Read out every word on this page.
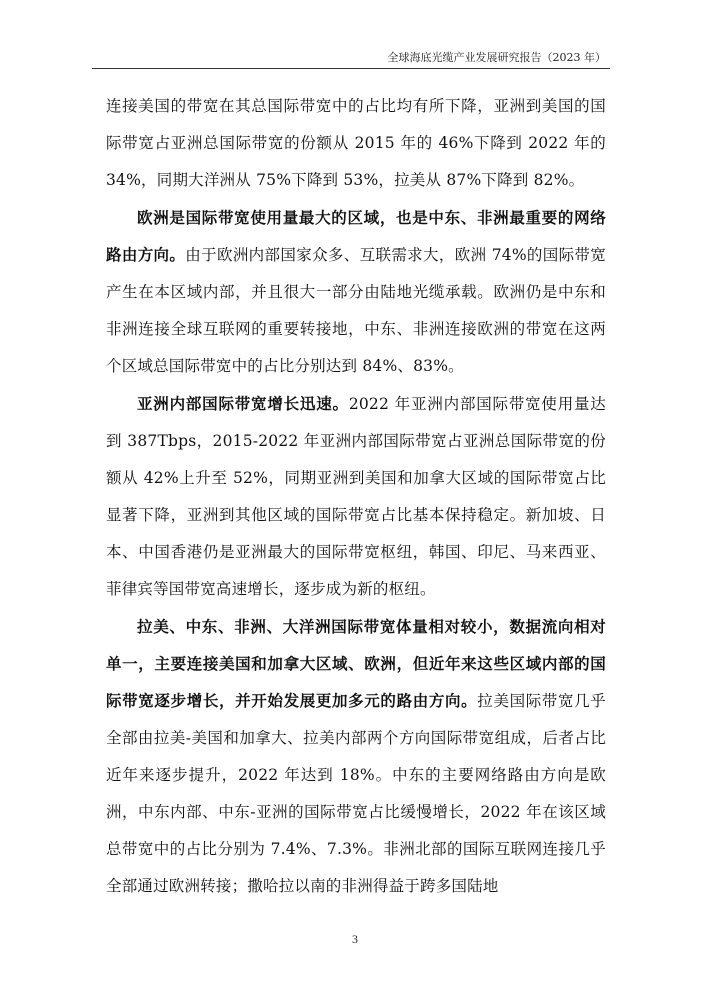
全球海底光缆产业发展研究报告（2023 年）

连接美国的带宽在其总国际带宽中的占比均有所下降，亚洲到美国的国际带宽占亚洲总国际带宽的份额从 2015 年的 46%下降到 2022 年的 34%，同期大洋洲从 75%下降到 53%，拉美从 87%下降到 82%。

欧洲是国际带宽使用量最大的区域，也是中东、非洲最重要的网络路由方向。由于欧洲内部国家众多、互联需求大，欧洲 74%的国际带宽产生在本区域内部，并且很大一部分由陆地光缆承载。欧洲仍是中东和非洲连接全球互联网的重要转接地，中东、非洲连接欧洲的带宽在这两个区域总国际带宽中的占比分别达到 84%、83%。

亚洲内部国际带宽增长迅速。2022 年亚洲内部国际带宽使用量达到 387Tbps，2015-2022 年亚洲内部国际带宽占亚洲总国际带宽的份额从 42%上升至 52%，同期亚洲到美国和加拿大区域的国际带宽占比显著下降，亚洲到其他区域的国际带宽占比基本保持稳定。新加坡、日本、中国香港仍是亚洲最大的国际带宽枢纽，韩国、印尼、马来西亚、菲律宾等国带宽高速增长，逐步成为新的枢纽。

拉美、中东、非洲、大洋洲国际带宽体量相对较小，数据流向相对单一，主要连接美国和加拿大区域、欧洲，但近年来这些区域内部的国际带宽逐步增长，并开始发展更加多元的路由方向。拉美国际带宽几乎全部由拉美-美国和加拿大、拉美内部两个方向国际带宽组成，后者占比近年来逐步提升，2022 年达到 18%。中东的主要网络路由方向是欧洲，中东内部、中东-亚洲的国际带宽占比缓慢增长，2022 年在该区域总带宽中的占比分别为 7.4%、7.3%。非洲北部的国际互联网连接几乎全部通过欧洲转接；撒哈拉以南的非洲得益于跨多国陆地

3
